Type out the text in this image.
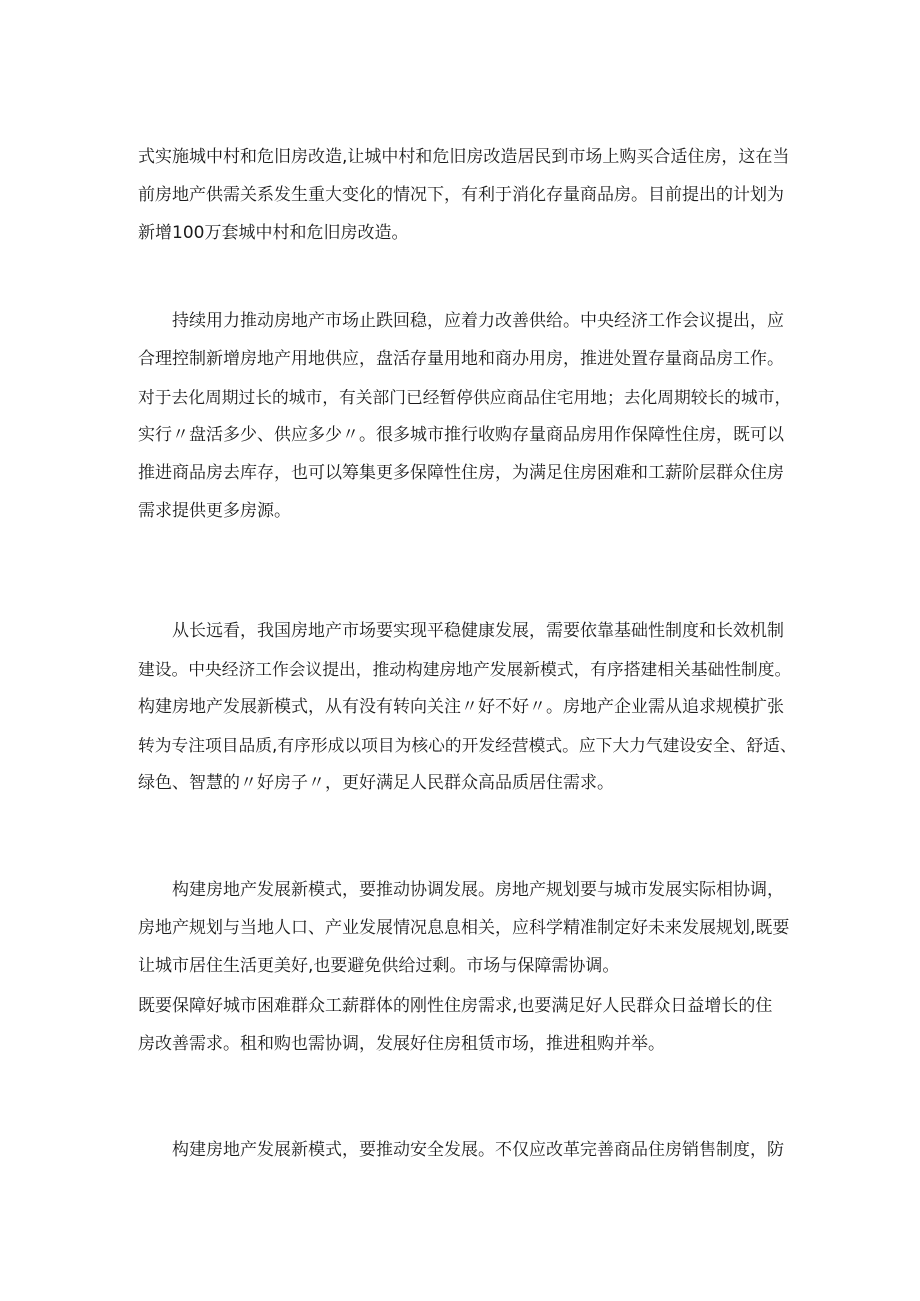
式实施城中村和危旧房改造,让城中村和危旧房改造居民到市场上购买合适住房，这在当
前房地产供需关系发生重大变化的情况下，有利于消化存量商品房。目前提出的计划为
新增100万套城中村和危旧房改造。
持续用力推动房地产市场止跌回稳，应着力改善供给。中央经济工作会议提出，应
合理控制新增房地产用地供应，盘活存量用地和商办用房，推进处置存量商品房工作。
对于去化周期过长的城市，有关部门已经暂停供应商品住宅用地；去化周期较长的城市，
实行〃盘活多少、供应多少〃。很多城市推行收购存量商品房用作保障性住房，既可以
推进商品房去库存，也可以筹集更多保障性住房，为满足住房困难和工薪阶层群众住房
需求提供更多房源。
从长远看，我国房地产市场要实现平稳健康发展，需要依靠基础性制度和长效机制
建设。中央经济工作会议提出，推动构建房地产发展新模式，有序搭建相关基础性制度。
构建房地产发展新模式，从有没有转向关注〃好不好〃。房地产企业需从追求规模扩张
转为专注项目品质,有序形成以项目为核心的开发经营模式。应下大力气建设安全、舒适、
绿色、智慧的〃好房子〃，更好满足人民群众高品质居住需求。
构建房地产发展新模式，要推动协调发展。房地产规划要与城市发展实际相协调，
房地产规划与当地人口、产业发展情况息息相关，应科学精准制定好未来发展规划,既要
让城市居住生活更美好,也要避免供给过剩。市场与保障需协调。
既要保障好城市困难群众工薪群体的刚性住房需求,也要满足好人民群众日益增长的住
房改善需求。租和购也需协调，发展好住房租赁市场，推进租购并举。
构建房地产发展新模式，要推动安全发展。不仅应改革完善商品住房销售制度，防
